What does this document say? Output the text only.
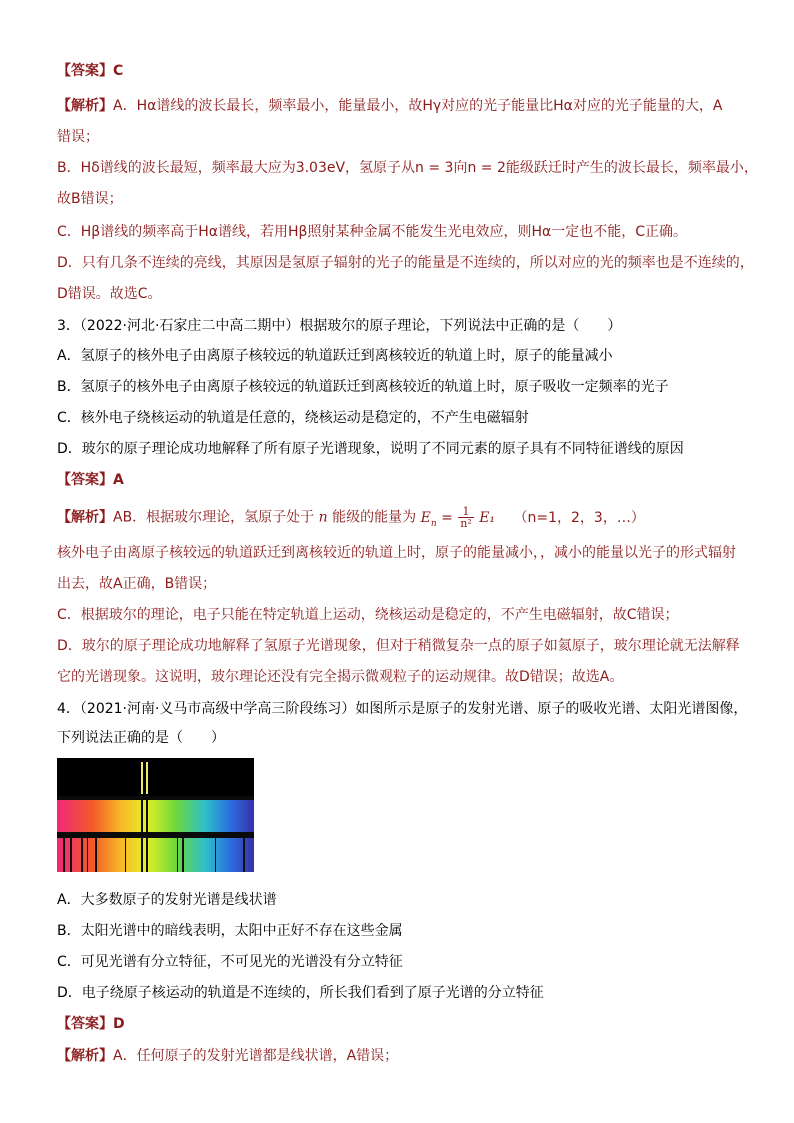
【答案】C
【解析】A．Hα谱线的波长最长，频率最小，能量最小，故Hγ对应的光子能量比Hα对应的光子能量的大，A
错误；
B．Hδ谱线的波长最短，频率最大应为3.03eV，氢原子从n = 3向n = 2能级跃迁时产生的波长最长，频率最小，
故B错误；
C．Hβ谱线的频率高于Hα谱线，若用Hβ照射某种金属不能发生光电效应，则Hα一定也不能，C正确。
D．只有几条不连续的亮线，其原因是氢原子辐射的光子的能量是不连续的，所以对应的光的频率也是不连续的，
D错误。故选C。
3．（2022·河北·石家庄二中高二期中）根据玻尔的原子理论，下列说法中正确的是（　　）
A．氢原子的核外电子由离原子核较远的轨道跃迁到离核较近的轨道上时，原子的能量减小
B．氢原子的核外电子由离原子核较远的轨道跃迁到离核较近的轨道上时，原子吸收一定频率的光子
C．核外电子绕核运动的轨道是任意的，绕核运动是稳定的，不产生电磁辐射
D．玻尔的原子理论成功地解释了所有原子光谱现象，说明了不同元素的原子具有不同特征谱线的原因
【答案】A
【解析】AB．根据玻尔理论，氢原子处于 n 能级的能量为 $E_n = \frac{1}{\text{n²}} E_1$ （n=1，2，3，…）
核外电子由离原子核较远的轨道跃迁到离核较近的轨道上时，原子的能量减小，，减小的能量以光子的形式辐射
出去，故A正确，B错误；
C．根据玻尔的理论，电子只能在特定轨道上运动，绕核运动是稳定的，不产生电磁辐射，故C错误；
D．玻尔的原子理论成功地解释了氢原子光谱现象，但对于稍微复杂一点的原子如氦原子，玻尔理论就无法解释
它的光谱现象。这说明，玻尔理论还没有完全揭示微观粒子的运动规律。故D错误；故选A。
4．（2021·河南·义马市高级中学高三阶段练习）如图所示是原子的发射光谱、原子的吸收光谱、太阳光谱图像，
下列说法正确的是（　　）
A．大多数原子的发射光谱是线状谱
B．太阳光谱中的暗线表明，太阳中正好不存在这些金属
C．可见光谱有分立特征，不可见光的光谱没有分立特征
D．电子绕原子核运动的轨道是不连续的，所长我们看到了原子光谱的分立特征
【答案】D
【解析】A．任何原子的发射光谱都是线状谱，A错误；
